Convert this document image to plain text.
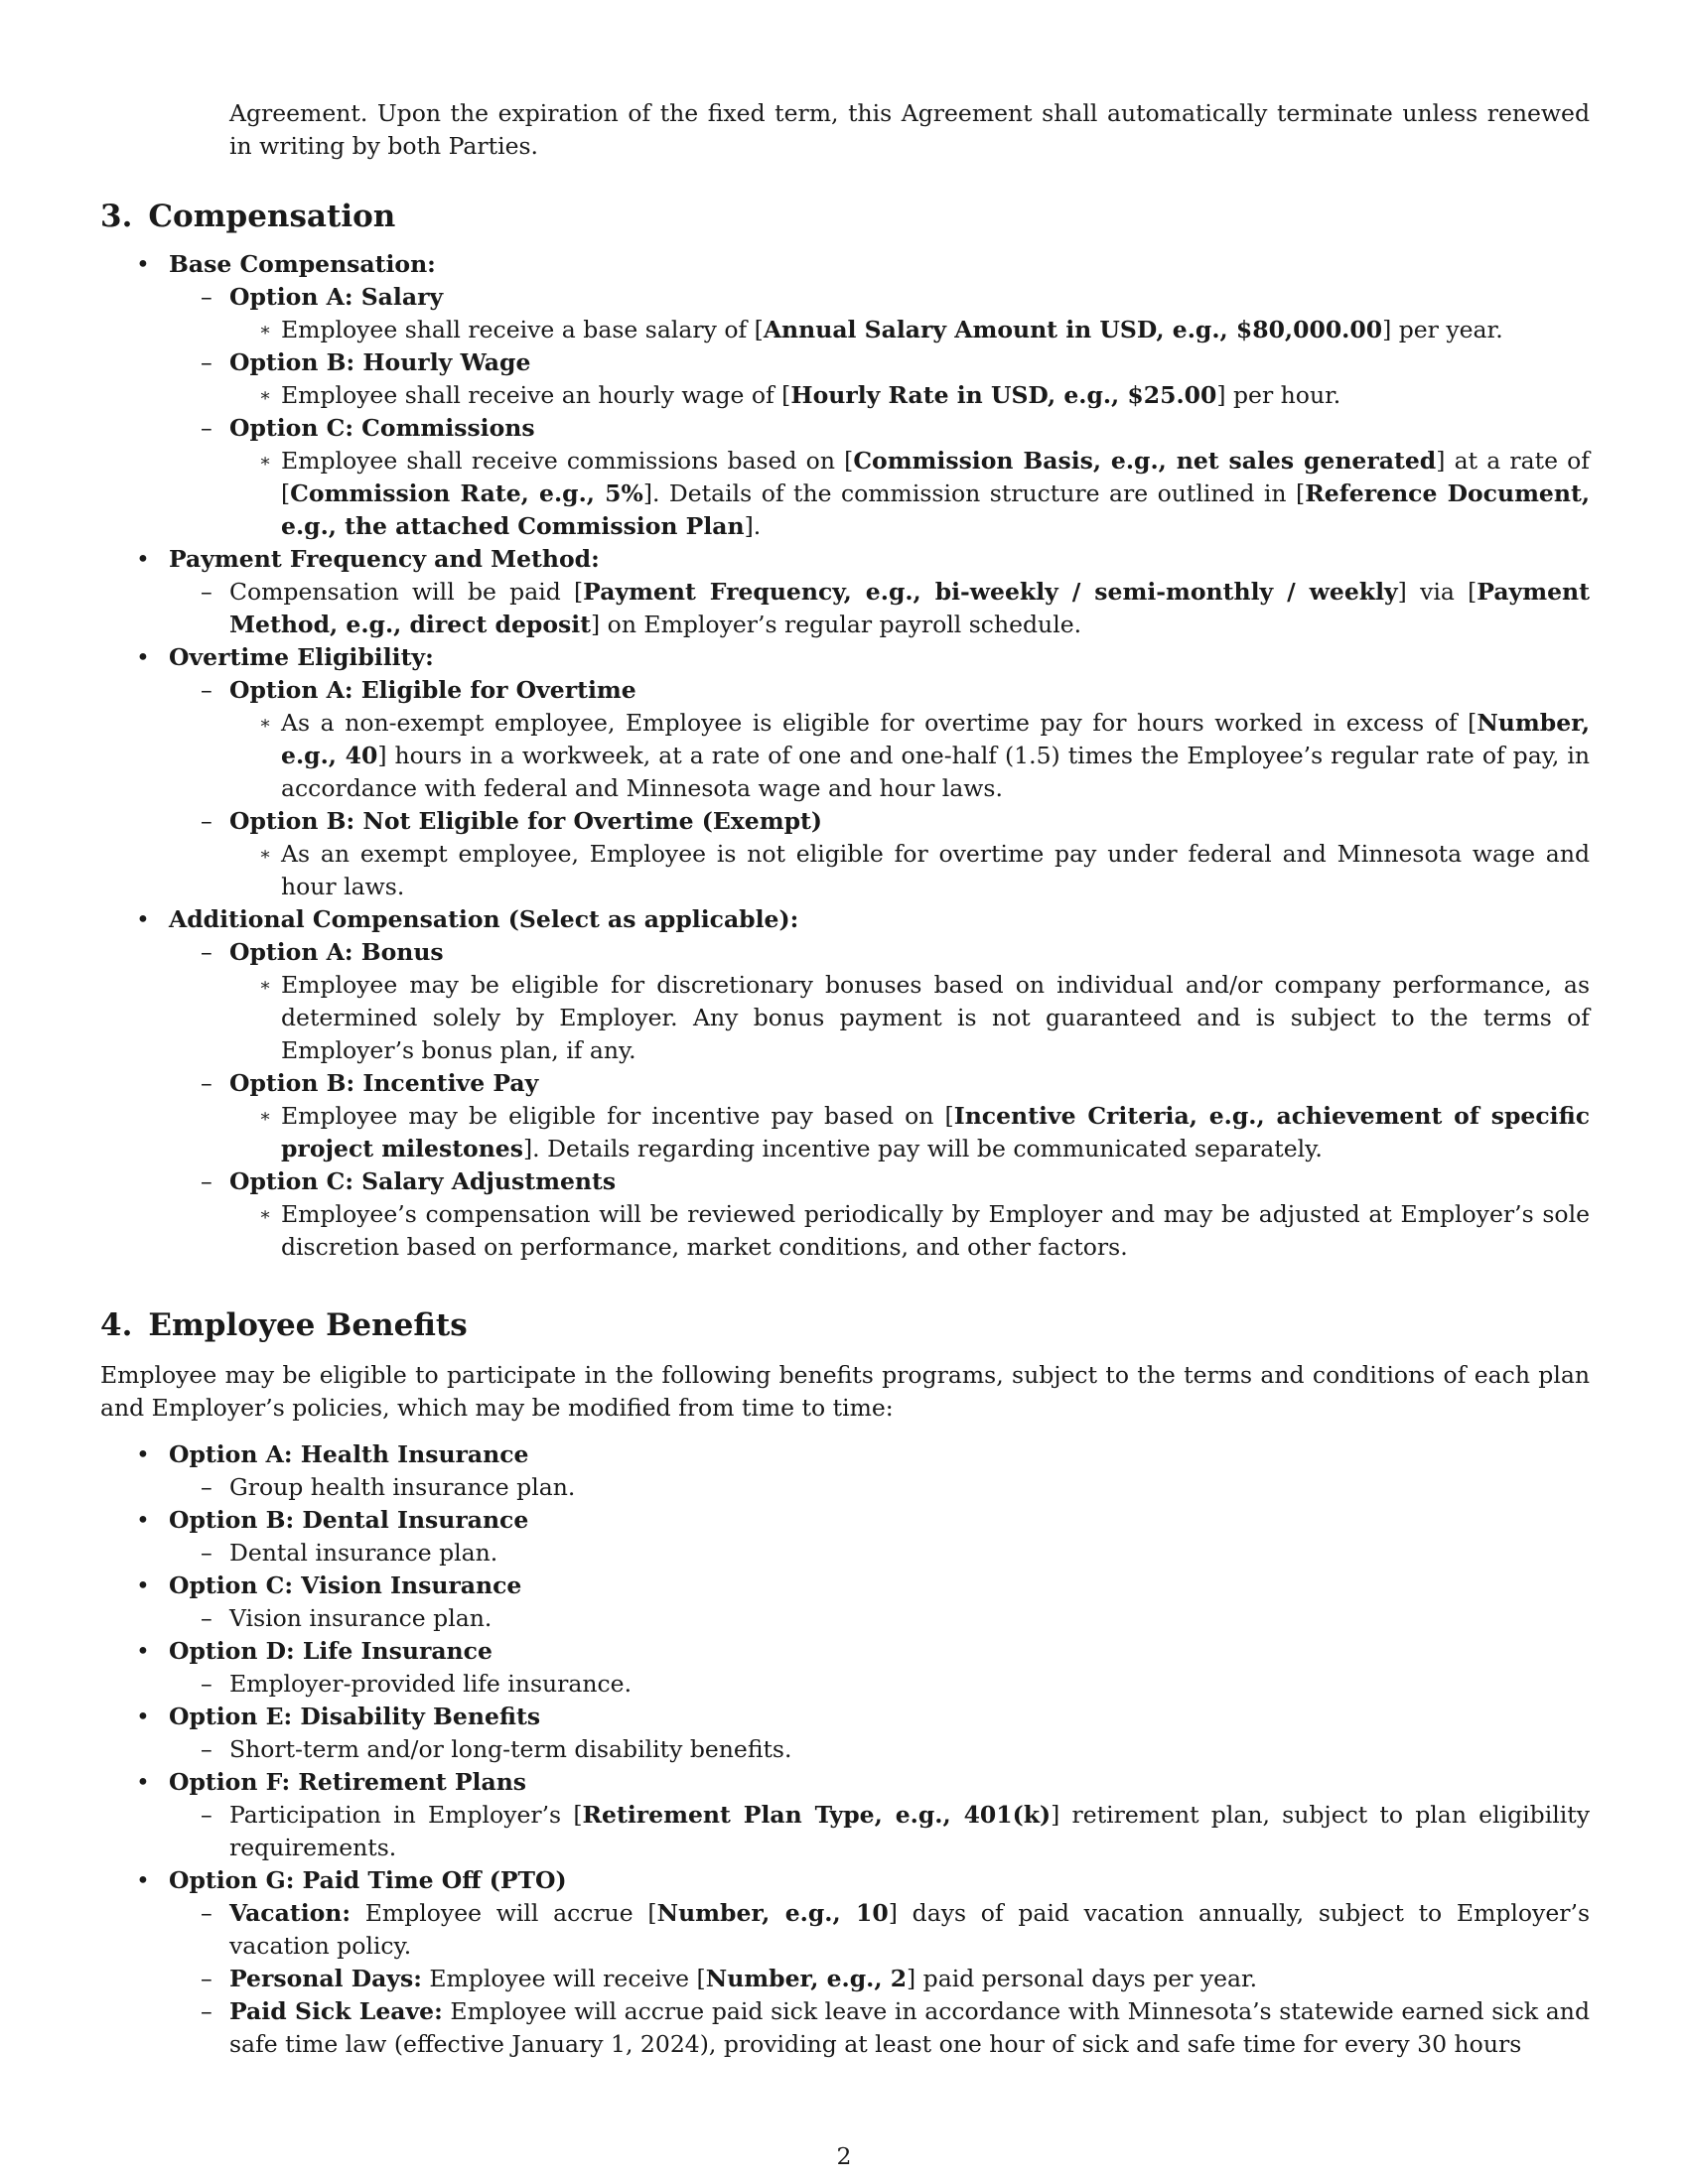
Agreement. Upon the expiration of the fixed term, this Agreement shall automatically terminate unless renewed in writing by both Parties.

3. Compensation
• Base Compensation:
– Option A: Salary
∗ Employee shall receive a base salary of [Annual Salary Amount in USD, e.g., $80,000.00] per year.
– Option B: Hourly Wage
∗ Employee shall receive an hourly wage of [Hourly Rate in USD, e.g., $25.00] per hour.
– Option C: Commissions
∗ Employee shall receive commissions based on [Commission Basis, e.g., net sales generated] at a rate of [Commission Rate, e.g., 5%]. Details of the commission structure are outlined in [Reference Document, e.g., the attached Commission Plan].
• Payment Frequency and Method:
– Compensation will be paid [Payment Frequency, e.g., bi-weekly / semi-monthly / weekly] via [Payment Method, e.g., direct deposit] on Employer’s regular payroll schedule.
• Overtime Eligibility:
– Option A: Eligible for Overtime
∗ As a non-exempt employee, Employee is eligible for overtime pay for hours worked in excess of [Number, e.g., 40] hours in a workweek, at a rate of one and one-half (1.5) times the Employee’s regular rate of pay, in accordance with federal and Minnesota wage and hour laws.
– Option B: Not Eligible for Overtime (Exempt)
∗ As an exempt employee, Employee is not eligible for overtime pay under federal and Minnesota wage and hour laws.
• Additional Compensation (Select as applicable):
– Option A: Bonus
∗ Employee may be eligible for discretionary bonuses based on individual and/or company performance, as determined solely by Employer. Any bonus payment is not guaranteed and is subject to the terms of Employer’s bonus plan, if any.
– Option B: Incentive Pay
∗ Employee may be eligible for incentive pay based on [Incentive Criteria, e.g., achievement of specific project milestones]. Details regarding incentive pay will be communicated separately.
– Option C: Salary Adjustments
∗ Employee’s compensation will be reviewed periodically by Employer and may be adjusted at Employer’s sole discretion based on performance, market conditions, and other factors.
4. Employee Benefits

Employee may be eligible to participate in the following benefits programs, subject to the terms and conditions of each plan and Employer’s policies, which may be modified from time to time:

• Option A: Health Insurance
– Group health insurance plan.
• Option B: Dental Insurance
– Dental insurance plan.
• Option C: Vision Insurance
– Vision insurance plan.
• Option D: Life Insurance
– Employer-provided life insurance.
• Option E: Disability Benefits
– Short-term and/or long-term disability benefits.
• Option F: Retirement Plans
– Participation in Employer’s [Retirement Plan Type, e.g., 401(k)] retirement plan, subject to plan eligibility requirements.
• Option G: Paid Time Off (PTO)
– Vacation: Employee will accrue [Number, e.g., 10] days of paid vacation annually, subject to Employer’s vacation policy.
– Personal Days: Employee will receive [Number, e.g., 2] paid personal days per year.
– Paid Sick Leave: Employee will accrue paid sick leave in accordance with Minnesota’s statewide earned sick and safe time law (effective January 1, 2024), providing at least one hour of sick and safe time for every 30 hours
2
